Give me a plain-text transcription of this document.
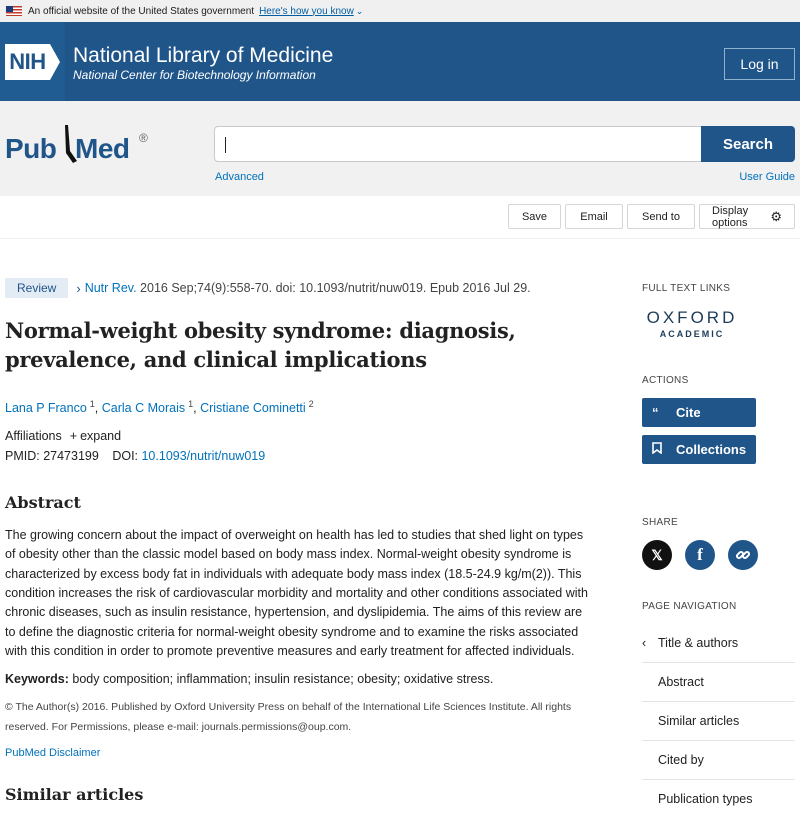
An official website of the United States government Here's how you know ⌄
NIH National Library of Medicine
National Center for Biotechnology Information
Log in
Pub Med ®	Search
Advanced	User Guide
Save	Email	Send to	Display options	⚙
Review	› Nutr Rev. 2016 Sep;74(9):558-70. doi: 10.1093/nutrit/nuw019. Epub 2016 Jul 29.
Normal-weight obesity syndrome: diagnosis, prevalence, and clinical implications
Lana P Franco $^1$, Carla C Morais $^1$, Cristiane Cominetti $^2$
Affiliations + expand
PMID: 27473199 DOI: 10.1093/nutrit/nuw019
Abstract

The growing concern about the impact of overweight on health has led to studies that shed light on types of obesity other than the classic model based on body mass index. Normal-weight obesity syndrome is characterized by excess body fat in individuals with adequate body mass index (18.5-24.9 kg/m(2)). This condition increases the risk of cardiovascular morbidity and mortality and other conditions associated with chronic diseases, such as insulin resistance, hypertension, and dyslipidemia. The aims of this review are to define the diagnostic criteria for normal-weight obesity syndrome and to examine the risks associated with this condition in order to promote preventive measures and early treatment for affected individuals.

Keywords: body composition; inflammation; insulin resistance; obesity; oxidative stress.

© The Author(s) 2016. Published by Oxford University Press on behalf of the International Life Sciences Institute. All rights reserved. For Permissions, please e-mail: journals.permissions@oup.com.

PubMed Disclaimer
Similar articles
FULL TEXT LINKS
OXFORD
ACADEMIC
ACTIONS
“	Cite
Collections
SHARE
𝕏	f
PAGE NAVIGATION
‹ Title & authors
Abstract
Similar articles
Cited by
Publication types
